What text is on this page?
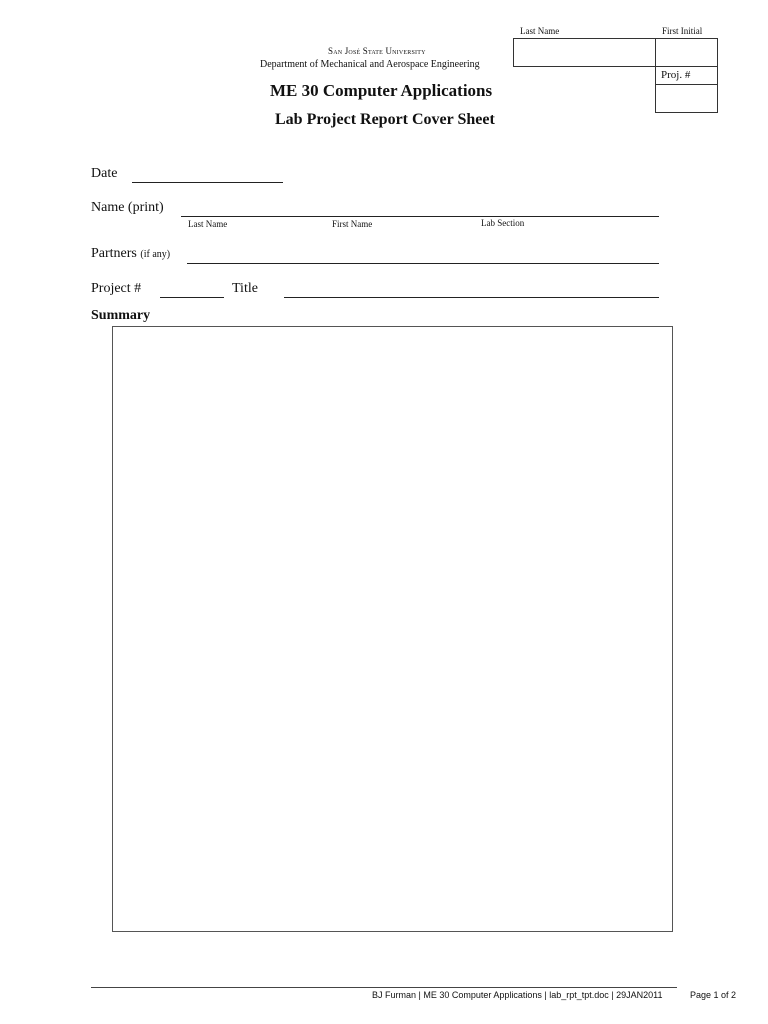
Last Name	First Initial
Proj. #
San José State University
Department of Mechanical and Aerospace Engineering
ME 30 Computer Applications
Lab Project Report Cover Sheet
Date
Name (print)
Last Name	First Name	Lab Section
Partners (if any)
Project #	Title
Summary
BJ Furman | ME 30 Computer Applications | lab_rpt_tpt.doc | 29JAN2011	Page 1 of 2
